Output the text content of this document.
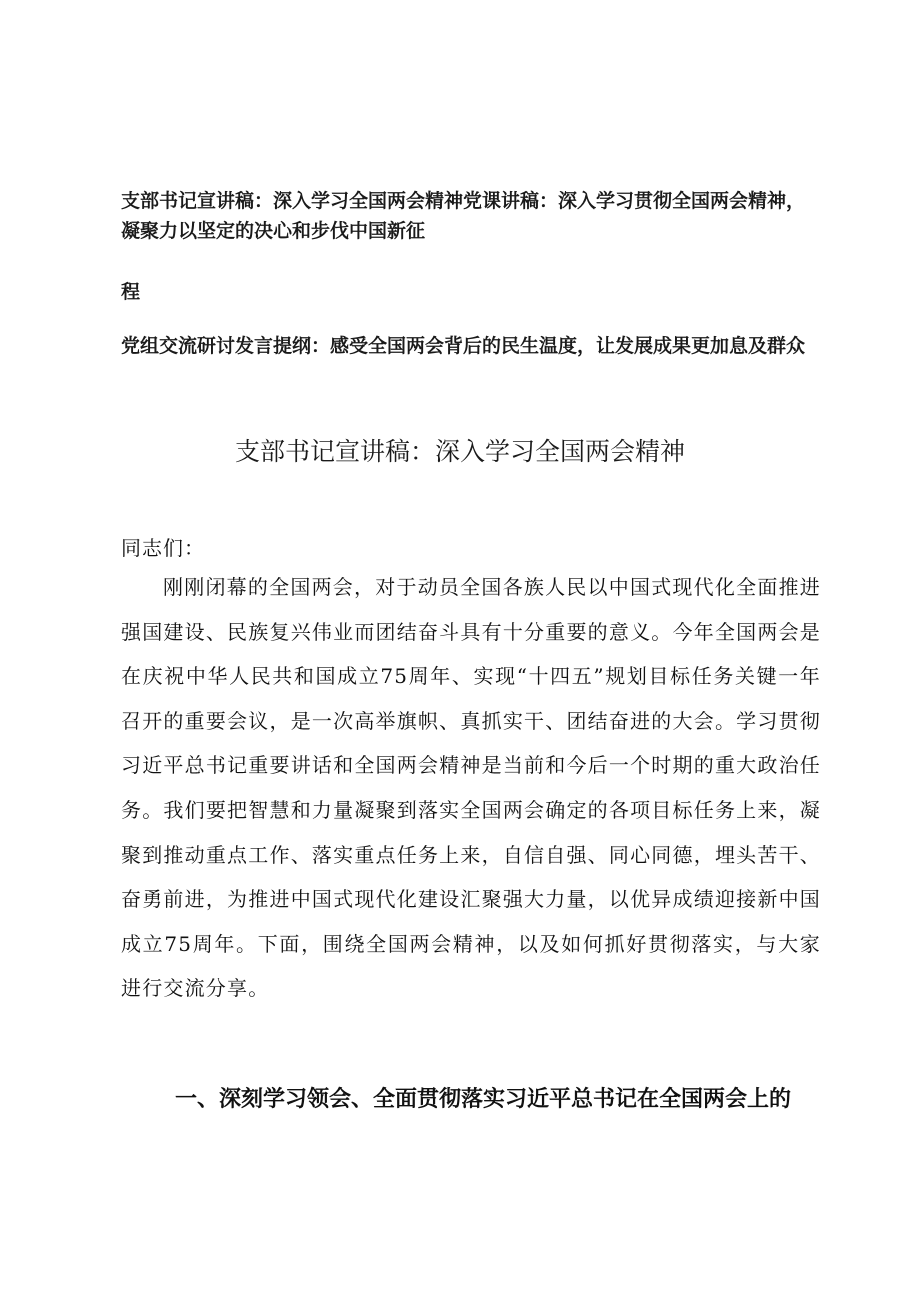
支部书记宣讲稿：深入学习全国两会精神党课讲稿：深入学习贯彻全国两会精神，凝聚力以坚定的决心和步伐中国新征
程
党组交流研讨发言提纲：感受全国两会背后的民生温度，让发展成果更加息及群众
支部书记宣讲稿：深入学习全国两会精神
同志们：
刚刚闭幕的全国两会，对于动员全国各族人民以中国式现代化全面推进强国建设、民族复兴伟业而团结奋斗具有十分重要的意义。今年全国两会是在庆祝中华人民共和国成立75周年、实现“十四五”规划目标任务关键一年召开的重要会议，是一次高举旗帜、真抓实干、团结奋进的大会。学习贯彻习近平总书记重要讲话和全国两会精神是当前和今后一个时期的重大政治任务。我们要把智慧和力量凝聚到落实全国两会确定的各项目标任务上来，凝聚到推动重点工作、落实重点任务上来，自信自强、同心同德，埋头苦干、奋勇前进，为推进中国式现代化建设汇聚强大力量，以优异成绩迎接新中国成立75周年。下面，围绕全国两会精神，以及如何抓好贯彻落实，与大家进行交流分享。
一、深刻学习领会、全面贯彻落实习近平总书记在全国两会上的
